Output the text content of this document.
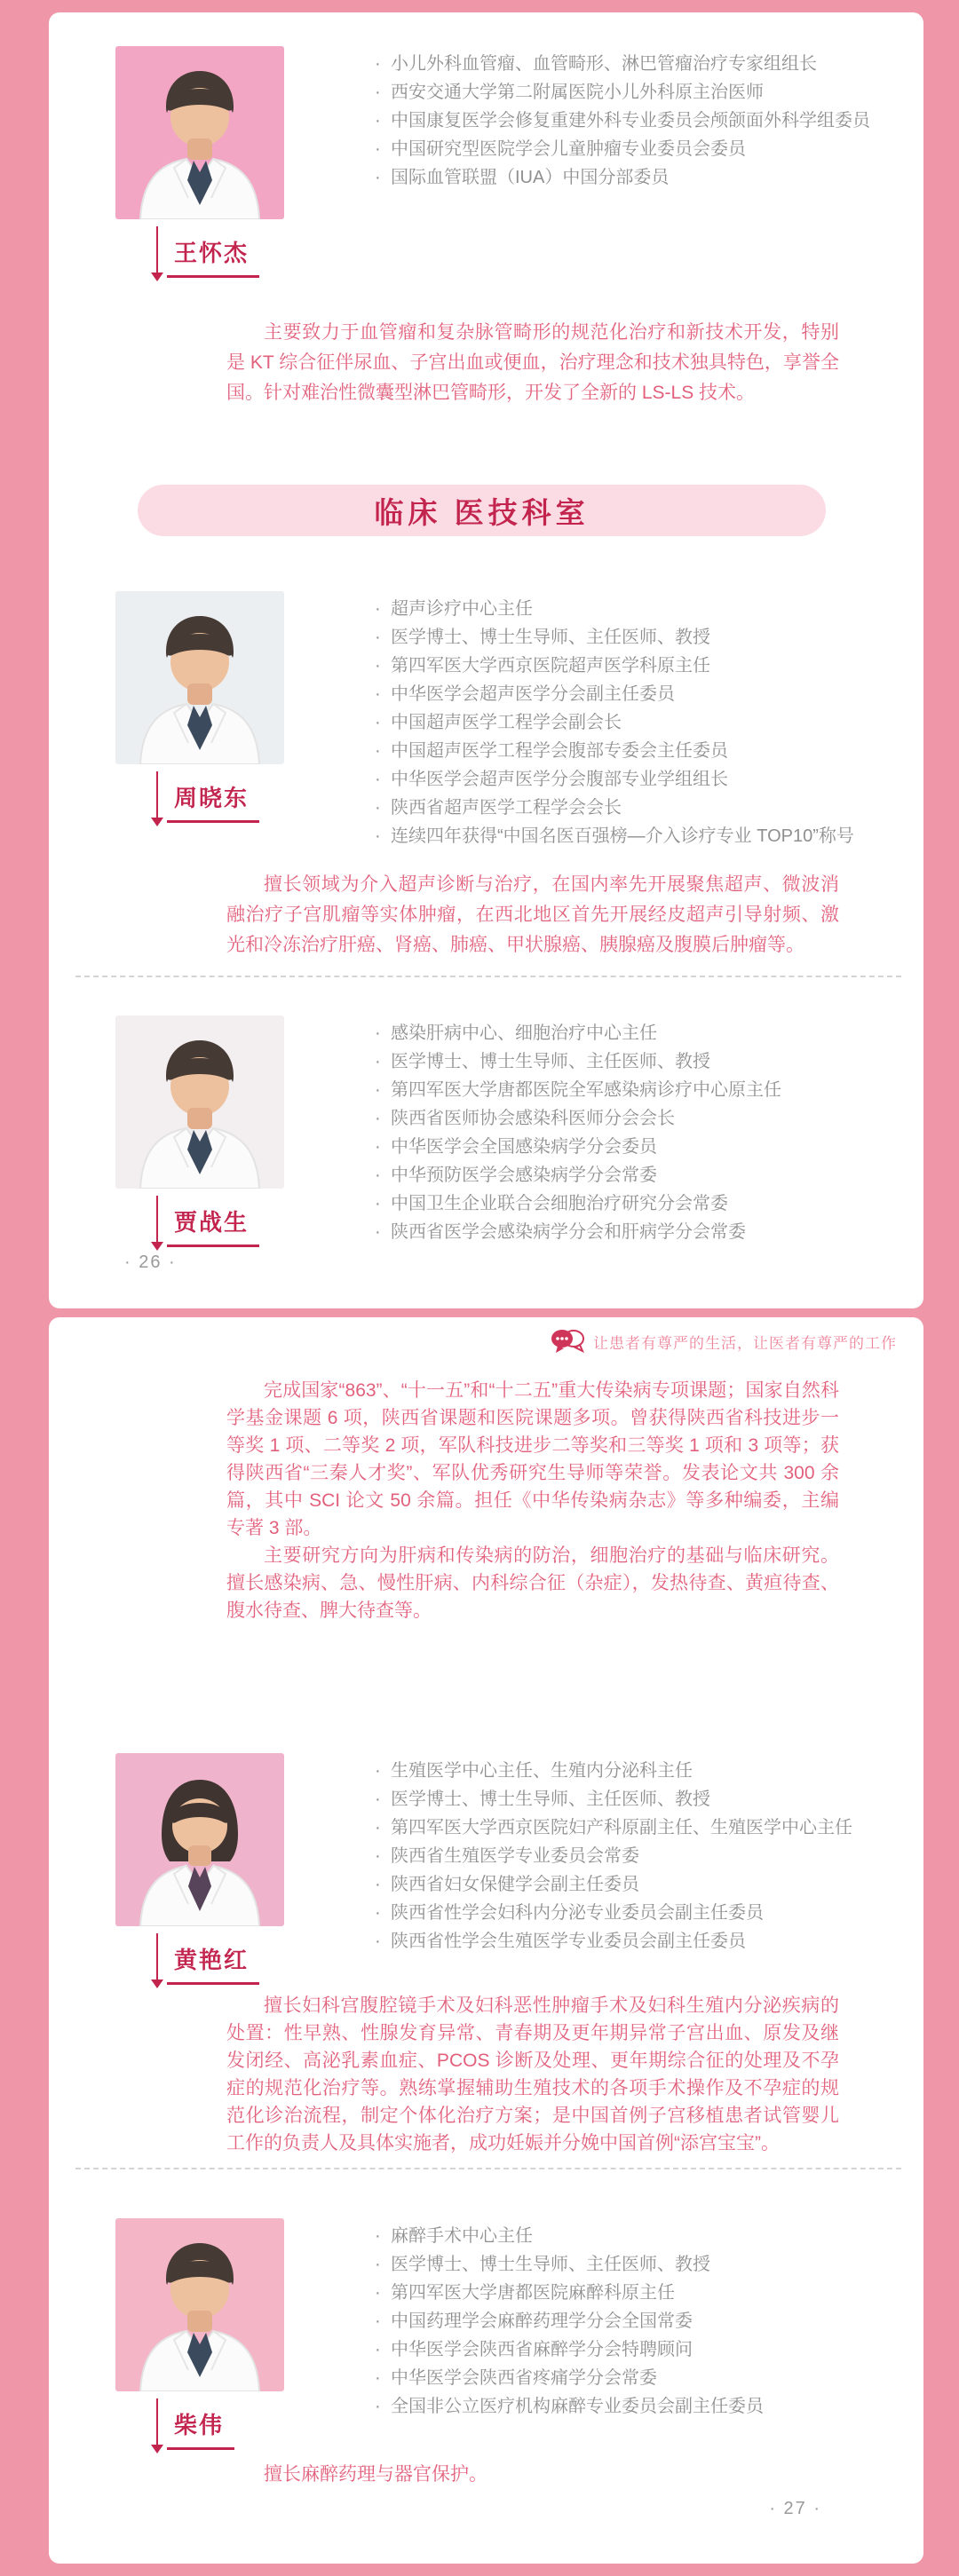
王怀杰
· 小儿外科血管瘤、血管畸形、淋巴管瘤治疗专家组组长
· 西安交通大学第二附属医院小儿外科原主治医师
· 中国康复医学会修复重建外科专业委员会颅颌面外科学组委员
· 中国研究型医院学会儿童肿瘤专业委员会委员
· 国际血管联盟（IUA）中国分部委员

主要致力于血管瘤和复杂脉管畸形的规范化治疗和新技术开发，特别是 KT 综合征伴尿血、子宫出血或便血，治疗理念和技术独具特色，享誉全国。针对难治性微囊型淋巴管畸形，开发了全新的 LS-LS 技术。

临床 医技科室
周晓东
· 超声诊疗中心主任
· 医学博士、博士生导师、主任医师、教授
· 第四军医大学西京医院超声医学科原主任
· 中华医学会超声医学分会副主任委员
· 中国超声医学工程学会副会长
· 中国超声医学工程学会腹部专委会主任委员
· 中华医学会超声医学分会腹部专业学组组长
· 陕西省超声医学工程学会会长
· 连续四年获得“中国名医百强榜—介入诊疗专业 TOP10”称号

擅长领域为介入超声诊断与治疗，在国内率先开展聚焦超声、微波消融治疗子宫肌瘤等实体肿瘤，在西北地区首先开展经皮超声引导射频、激光和冷冻治疗肝癌、肾癌、肺癌、甲状腺癌、胰腺癌及腹膜后肿瘤等。

贾战生
· 感染肝病中心、细胞治疗中心主任
· 医学博士、博士生导师、主任医师、教授
· 第四军医大学唐都医院全军感染病诊疗中心原主任
· 陕西省医师协会感染科医师分会会长
· 中华医学会全国感染病学分会委员
· 中华预防医学会感染病学分会常委
· 中国卫生企业联合会细胞治疗研究分会常委
· 陕西省医学会感染病学分会和肝病学分会常委
· 26 ·
让患者有尊严的生活，让医者有尊严的工作

完成国家“863”、“十一五”和“十二五”重大传染病专项课题；国家自然科学基金课题 6 项，陕西省课题和医院课题多项。曾获得陕西省科技进步一等奖 1 项、二等奖 2 项，军队科技进步二等奖和三等奖 1 项和 3 项等；获得陕西省“三秦人才奖”、军队优秀研究生导师等荣誉。发表论文共 300 余篇，其中 SCI 论文 50 余篇。担任《中华传染病杂志》等多种编委，主编专著 3 部。

主要研究方向为肝病和传染病的防治，细胞治疗的基础与临床研究。擅长感染病、急、慢性肝病、内科综合征（杂症），发热待查、黄疸待查、腹水待查、脾大待查等。

黄艳红
· 生殖医学中心主任、生殖内分泌科主任
· 医学博士、博士生导师、主任医师、教授
· 第四军医大学西京医院妇产科原副主任、生殖医学中心主任
· 陕西省生殖医学专业委员会常委
· 陕西省妇女保健学会副主任委员
· 陕西省性学会妇科内分泌专业委员会副主任委员
· 陕西省性学会生殖医学专业委员会副主任委员

擅长妇科宫腹腔镜手术及妇科恶性肿瘤手术及妇科生殖内分泌疾病的处置：性早熟、性腺发育异常、青春期及更年期异常子宫出血、原发及继发闭经、高泌乳素血症、PCOS 诊断及处理、更年期综合征的处理及不孕症的规范化治疗等。熟练掌握辅助生殖技术的各项手术操作及不孕症的规范化诊治流程，制定个体化治疗方案；是中国首例子宫移植患者试管婴儿工作的负责人及具体实施者，成功妊娠并分娩中国首例“添宫宝宝”。

柴伟
· 麻醉手术中心主任
· 医学博士、博士生导师、主任医师、教授
· 第四军医大学唐都医院麻醉科原主任
· 中国药理学会麻醉药理学分会全国常委
· 中华医学会陕西省麻醉学分会特聘顾问
· 中华医学会陕西省疼痛学分会常委
· 全国非公立医疗机构麻醉专业委员会副主任委员

擅长麻醉药理与器官保护。

· 27 ·
